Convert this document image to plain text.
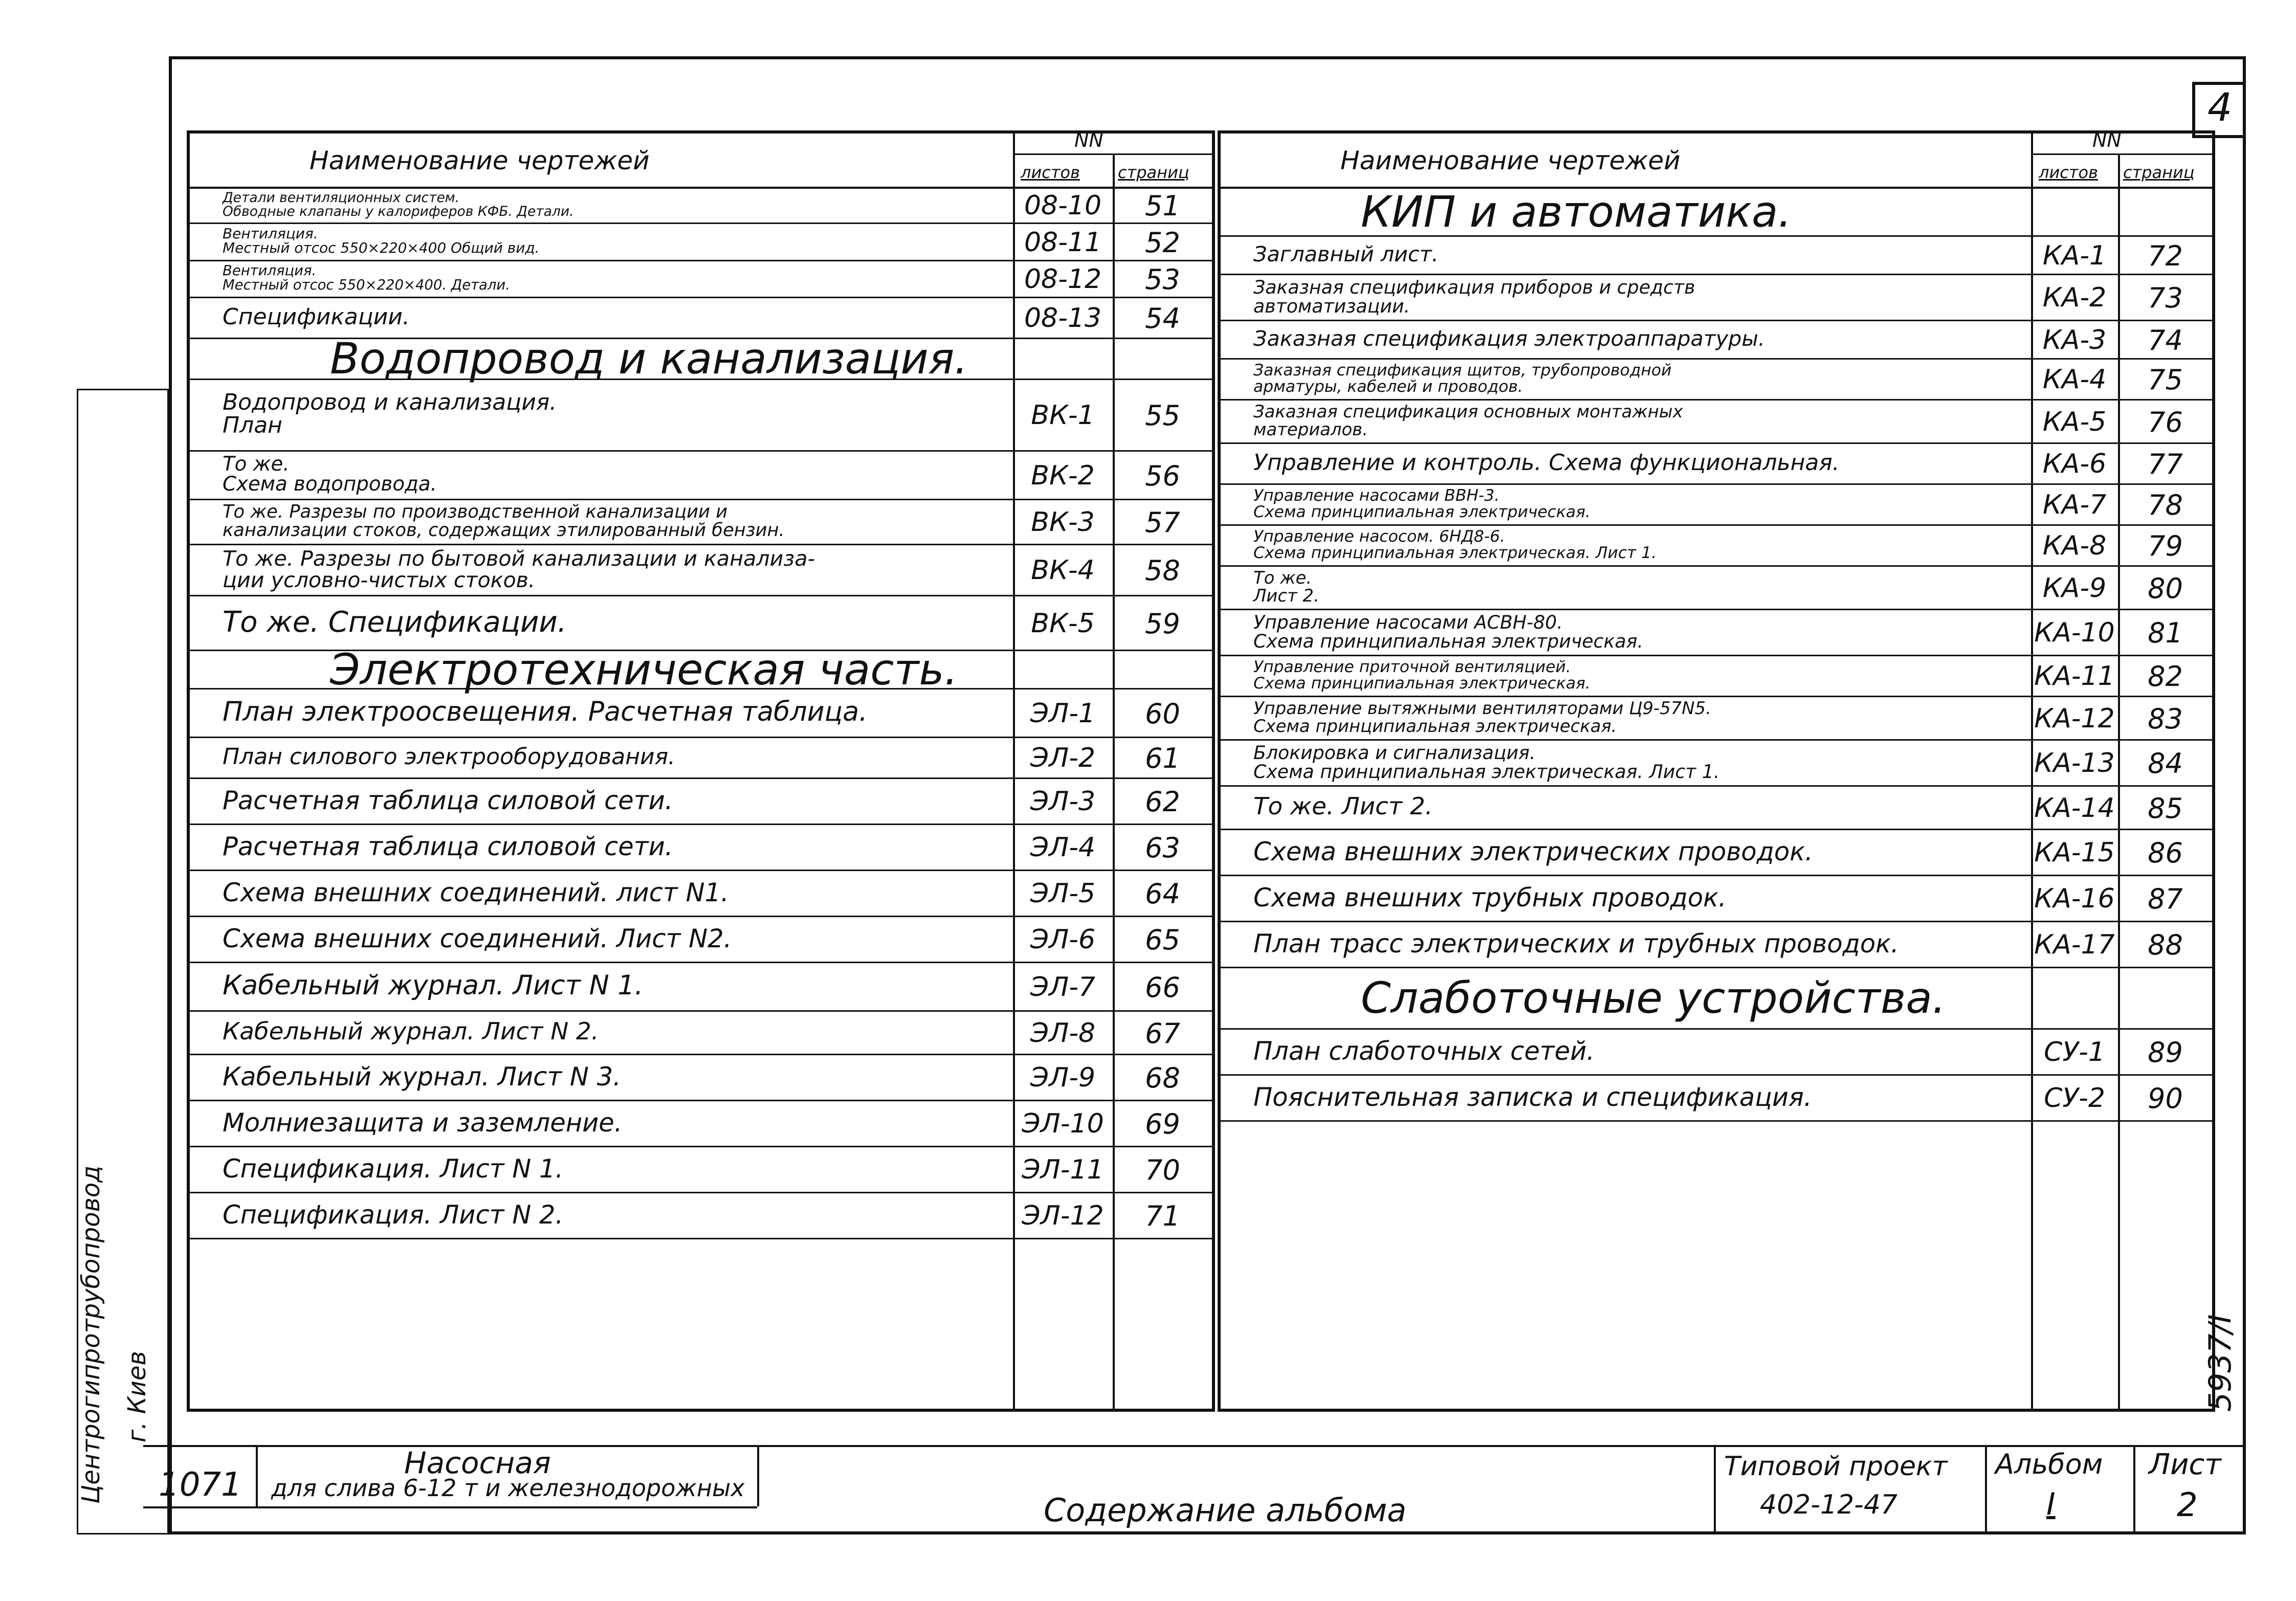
4
Наименование чертежей
NN
листов страниц
Детали вентиляционных систем.
Обводные клапаны у калориферов КФБ. Детали.	08-10	51
Вентиляция.
Местный отсос 550×220×400 Общий вид.	08-11	52
Вентиляция.
Местный отсос 550×220×400. Детали.	08-12	53
Спецификации.	08-13	54
Водопровод и канализация.
Водопровод и канализация.
План	ВК-1	55
То же.
Схема водопровода.	ВК-2	56
То же. Разрезы по производственной канализации и
канализации стоков, содержащих этилированный бензин.	ВК-3	57
То же. Разрезы по бытовой канализации и канализа-
ции условно-чистых стоков.	ВК-4	58
То же. Спецификации.	ВК-5	59
Электротехническая часть.
План электроосвещения. Расчетная таблица.	ЭЛ-1	60
План силового электрооборудования.	ЭЛ-2	61
Расчетная таблица силовой сети.	ЭЛ-3	62
Расчетная таблица силовой сети.	ЭЛ-4	63
Схема внешних соединений. лист N1.	ЭЛ-5	64
Схема внешних соединений. Лист N2.	ЭЛ-6	65
Кабельный журнал. Лист N 1.	ЭЛ-7	66
Кабельный журнал. Лист N 2.	ЭЛ-8	67
Кабельный журнал. Лист N 3.	ЭЛ-9	68
Молниезащита и заземление.	ЭЛ-10	69
Спецификация. Лист N 1.	ЭЛ-11	70
Спецификация. Лист N 2.	ЭЛ-12	71
Наименование чертежей
NN
листов страниц
КИП и автоматика.
Заглавный лист.	КА-1	72
Заказная спецификация приборов и средств
автоматизации.	КА-2	73
Заказная спецификация электроаппаратуры.	КА-3	74
Заказная спецификация щитов, трубопроводной
арматуры, кабелей и проводов.	КА-4	75
Заказная спецификация основных монтажных
материалов.	КА-5	76
Управление и контроль. Схема функциональная.	КА-6	77
Управление насосами ВВН-3.
Схема принципиальная электрическая.	КА-7	78
Управление насосом. 6НД8-6.
Схема принципиальная электрическая. Лист 1.	КА-8	79
То же.
Лист 2.	КА-9	80
Управление насосами АСВН-80.
Схема принципиальная электрическая.	КА-10	81
Управление приточной вентиляцией.
Схема принципиальная электрическая.	КА-11	82
Управление вытяжными вентиляторами Ц9-57N5.
Схема принципиальная электрическая.	КА-12	83
Блокировка и сигнализация.
Схема принципиальная электрическая. Лист 1.	КА-13	84
То же. Лист 2.	КА-14	85
Схема внешних электрических проводок.	КА-15	86
Схема внешних трубных проводок.	КА-16	87
План трасс электрических и трубных проводок.	КА-17	88
Слаботочные устройства.
План слаботочных сетей.	СУ-1	89
Пояснительная записка и спецификация.	СУ-2	90
5937/I
Центрогипротрубопровод г. Киев
1071
Насосная
для слива 6-12 т и железнодорожных
Содержание альбома
Типовой проект
402-12-47
Альбом
I
Лист
2
